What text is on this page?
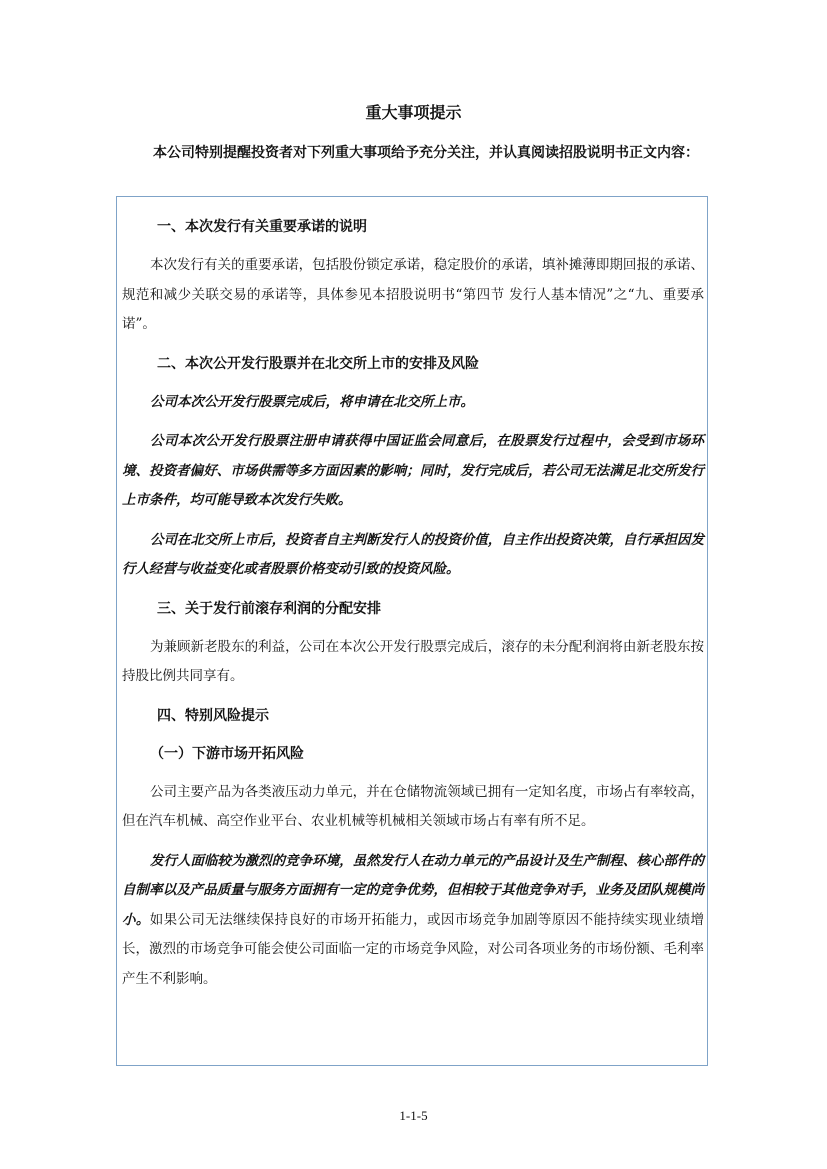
重大事项提示
本公司特别提醒投资者对下列重大事项给予充分关注，并认真阅读招股说明书正文内容：
一、本次发行有关重要承诺的说明
本次发行有关的重要承诺，包括股份锁定承诺，稳定股价的承诺，填补摊薄即期回报的承诺、规范和减少关联交易的承诺等，具体参见本招股说明书“第四节 发行人基本情况”之“九、重要承诺”。
二、本次公开发行股票并在北交所上市的安排及风险
公司本次公开发行股票完成后，将申请在北交所上市。
公司本次公开发行股票注册申请获得中国证监会同意后，在股票发行过程中，会受到市场环境、投资者偏好、市场供需等多方面因素的影响；同时，发行完成后，若公司无法满足北交所发行上市条件，均可能导致本次发行失败。
公司在北交所上市后，投资者自主判断发行人的投资价值，自主作出投资决策，自行承担因发行人经营与收益变化或者股票价格变动引致的投资风险。
三、关于发行前滚存利润的分配安排
为兼顾新老股东的利益，公司在本次公开发行股票完成后，滚存的未分配利润将由新老股东按持股比例共同享有。
四、特别风险提示
（一）下游市场开拓风险
公司主要产品为各类液压动力单元，并在仓储物流领域已拥有一定知名度，市场占有率较高，但在汽车机械、高空作业平台、农业机械等机械相关领域市场占有率有所不足。
发行人面临较为激烈的竞争环境，虽然发行人在动力单元的产品设计及生产制程、核心部件的自制率以及产品质量与服务方面拥有一定的竞争优势，但相较于其他竞争对手，业务及团队规模尚小。如果公司无法继续保持良好的市场开拓能力，或因市场竞争加剧等原因不能持续实现业绩增长，激烈的市场竞争可能会使公司面临一定的市场竞争风险，对公司各项业务的市场份额、毛利率产生不利影响。
1-1-5
